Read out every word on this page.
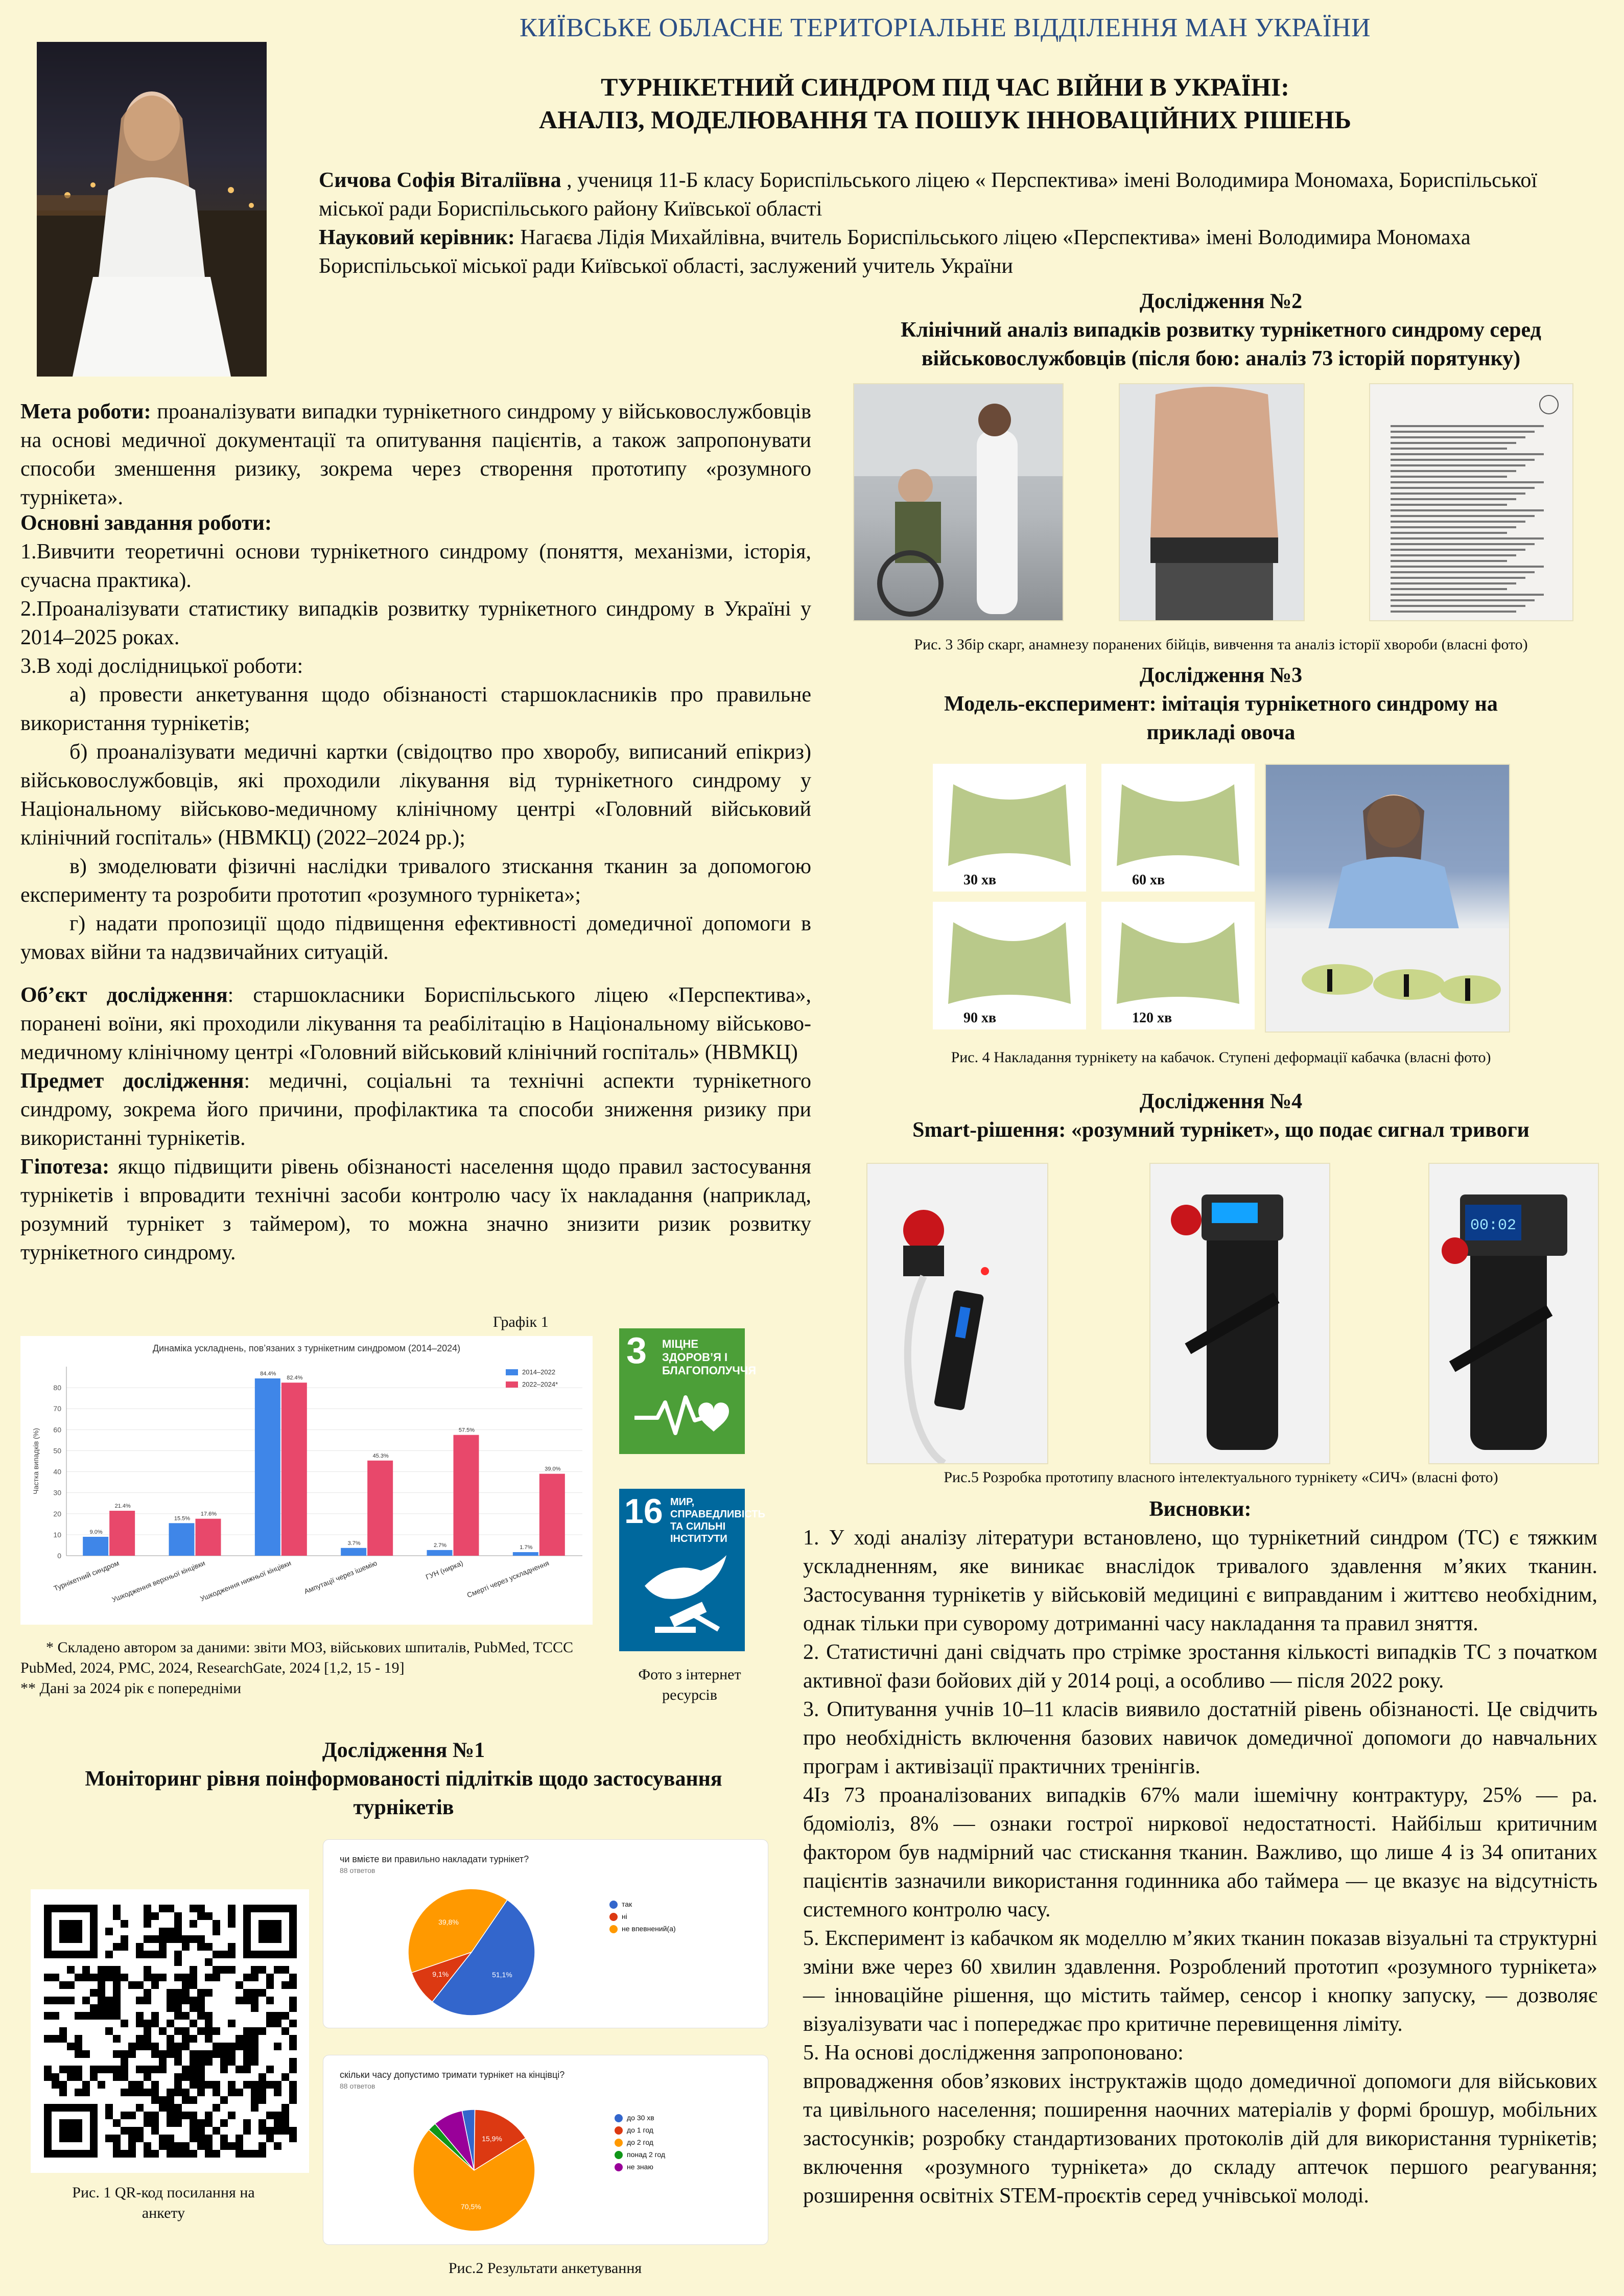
КИЇВСЬКЕ ОБЛАСНЕ ТЕРИТОРІАЛЬНЕ ВІДДІЛЕННЯ МАН УКРАЇНИ
ТУРНІКЕТНИЙ СИНДРОМ ПІД ЧАС ВІЙНИ В УКРАЇНІ:
АНАЛІЗ, МОДЕЛЮВАННЯ ТА ПОШУК ІННОВАЦІЙНИХ РІШЕНЬ
Сичова Софія Віталіївна , учениця 11-Б класу Бориспільського ліцею « Перспектива» імені Володимира Мономаха, Бориспільської міської ради Бориспільського району Київської області
Науковий керівник: Нагаєва Лідія Михайлівна, вчитель Бориспільського ліцею «Перспектива» імені Володимира Мономаха Бориспільської міської ради Київської області, заслужений учитель України
Мета роботи: проаналізувати випадки турнікетного синдрому у військовослужбовців на основі медичної документації та опитування пацієнтів, а також запропонувати способи зменшення ризику, зокрема через створення прототипу «розумного турнікета».
Основні завдання роботи:
1.Вивчити теоретичні основи турнікетного синдрому (поняття, механізми, історія, сучасна практика).
2.Проаналізувати статистику випадків розвитку турнікетного синдрому в Україні у 2014–2025 роках.
3.В ході дослідницької роботи:
а) провести анкетування щодо обізнаності старшокласників про правильне використання турнікетів;
б) проаналізувати медичні картки (свідоцтво про хворобу, виписаний епікриз) військовослужбовців, які проходили лікування від турнікетного синдрому у Національному військово-медичному клінічному центрі «Головний військовий клінічний госпіталь» (НВМКЦ) (2022–2024 рр.);
в) змоделювати фізичні наслідки тривалого зтискання тканин за допомогою експерименту та розробити прототип «розумного турнікета»;
г) надати пропозиції щодо підвищення ефективності домедичної допомоги в умовах війни та надзвичайних ситуацій.
Об’єкт дослідження: старшокласники Бориспільського ліцею «Перспектива», поранені воїни, які проходили лікування та реабілітацію в Національному військово-медичному клінічному центрі «Головний військовий клінічний госпіталь» (НВМКЦ)
Предмет дослідження: медичні, соціальні та технічні аспекти турнікетного синдрому, зокрема його причини, профілактика та способи зниження ризику при використанні турнікетів.
Гіпотеза: якщо підвищити рівень обізнаності населення щодо правил застосування турнікетів і впровадити технічні засоби контролю часу їх накладання (наприклад, розумний турнікет з таймером), то можна значно знизити ризик розвитку турнікетного синдрому.
Графік 1
Динаміка ускладнень, пов’язаних з турнікетним синдромом (2014–2024)
0
10
20
30
40
50
60
70
80
Частка випадків (%)
9.0%
21.4%
Турнікетний синдром
15.5%
17.6%
Ушкодження верхньої кінцівки
84.4%
82.4%
Ушкодження нижньої кінцівки
3.7%
45.3%
Ампутації через ішемію
2.7%
57.5%
ГУН (нирка)
1.7%
39.0%
Смерті через ускладнення
2014–2022
2022–2024*
* Складено автором за даними: звіти МОЗ, військових шпиталів, PubMed, TCCC PubMed, 2024, PMC, 2024, ResearchGate, 2024 [1,2, 15 - 19]
** Дані за 2024 рік є попередніми
3 МІЦНЕ ЗДОРОВ’Я І БЛАГОПОЛУЧЧЯ
16 МИР, СПРАВЕДЛИВІСТЬ ТА СИЛЬНІ ІНСТИТУТИ
Фото з інтернет ресурсів
Дослідження №1
Моніторинг рівня поінформованості підлітків щодо застосування турнікетів
Рис. 1 QR-код посилання на анкету
чи вмієте ви правильно накладати турнікет?
88 ответов
51,1%
9,1%
39,8%
так
ні
не впевнений(а)
скільки часу допустимо тримати турнікет на кінцівці?
88 ответов
15,9%
70,5%
до 30 хв
до 1 год
до 2 год
понад 2 год
не знаю
Рис.2 Результати анкетування
Дослідження №2
Клінічний аналіз випадків розвитку турнікетного синдрому серед військовослужбовців (після бою: аналіз 73 історій порятунку)
Рис. 3 Збір скарг, анамнезу поранених бійців, вивчення та аналіз історії хвороби (власні фото)
Дослідження №3
Модель-експеримент: імітація турнікетного синдрому на прикладі овоча
30 хв	60 хв
90 хв	120 хв
Рис. 4 Накладання турнікету на кабачок. Ступені деформації кабачка (власні фото)
Дослідження №4
Smart-рішення: «розумний турнікет», що подає сигнал тривоги
00:02
Рис.5 Розробка прототипу власного інтелектуального турнікету «СИЧ» (власні фото)
Висновки:
1. У ході аналізу літератури встановлено, що турнікетний синдром (ТС) є тяжким ускладненням, яке виникає внаслідок тривалого здавлення м’яких тканин. Застосування турнікетів у військовій медицині є виправданим і життєво необхідним, однак тільки при суворому дотриманні часу накладання та правил зняття.
2. Статистичні дані свідчать про стрімке зростання кількості випадків ТС з початком активної фази бойових дій у 2014 році, а особливо — після 2022 року.
3. Опитування учнів 10–11 класів виявило достатній рівень обізнаності. Це свідчить про необхідність включення базових навичок домедичної допомоги до навчальних програм і активізації практичних тренінгів.
4Із 73 проаналізованих випадків 67% мали ішемічну контрактуру, 25% — ра. бдоміоліз, 8% — ознаки гострої ниркової недостатності. Найбільш критичним фактором був надмірний час стискання тканин. Важливо, що лише 4 із 34 опитаних пацієнтів зазначили використання годинника або таймера — це вказує на відсутність системного контролю часу.
5. Експеримент із кабачком як моделлю м’яких тканин показав візуальні та структурні зміни вже через 60 хвилин здавлення. Розроблений прототип «розумного турнікета» — інноваційне рішення, що містить таймер, сенсор і кнопку запуску, — дозволяє візуалізувати час і попереджає про критичне перевищення ліміту.
5. На основі дослідження запропоновано:
впровадження обов’язкових інструктажів щодо домедичної допомоги для військових та цивільного населення; поширення наочних матеріалів у формі брошур, мобільних застосунків; розробку стандартизованих протоколів дій для використання турнікетів; включення «розумного турнікета» до складу аптечок першого реагування; розширення освітніх STEM-проєктів серед учнівської молоді.
